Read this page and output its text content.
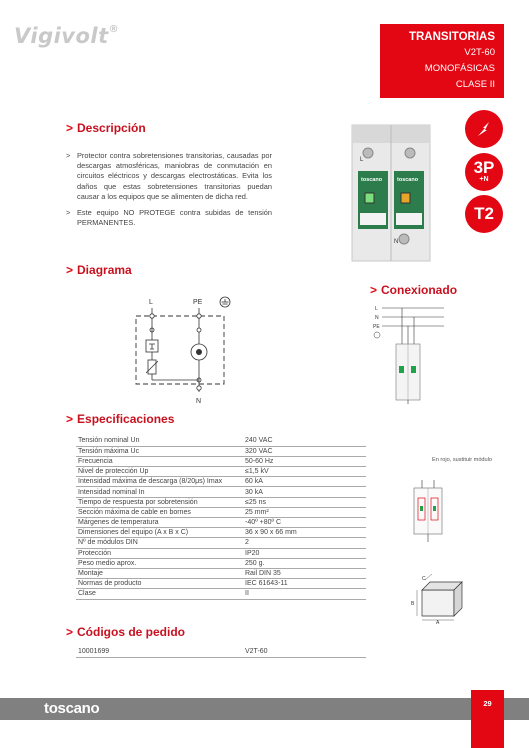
Vigivolt®
TRANSITORIAS
V2T-60
MONOFÁSICAS
CLASE II
> Descripción
> Protector contra sobretensiones transitorias, causadas por descargas atmosféricas, maniobras de conmutación en circuitos eléctricos y descargas electrostáticas. Evita los daños que estas sobretensiones transitorias puedan causar a los equipos que se alimenten de dicha red.
> Este equipo NO PROTEGE contra subidas de tensión PERMANENTES.
L
toscano	toscano
N
3P
+N
T2
> Diagrama
L	PE
N
> Conexionado
L
N
PE
> Especificaciones
Tensión nominal Un	240 VAC
Tensión máxima Uc	320 VAC
Frecuencia	50-60 Hz
Nivel de protección Up	≤1,5 kV
Intensidad máxima de descarga (8/20μs) Imax	60 kA
Intensidad nominal In	30 kA
Tiempo de respuesta por sobretensión	≤25 ns
Sección máxima de cable en bornes	25 mm²
Márgenes de temperatura	-40º +80º C
Dimensiones del equipo (A x B x C)	36 x 90 x 66 mm
Nº de módulos DIN	2
Protección	IP20
Peso medio aprox.	250 g.
Montaje	Rail DIN 35
Normas de producto	IEC 61643-11
Clase	II
En rojo, sustituir módulo
A
B
C
> Códigos de pedido
10001699	V2T-60
toscano	29
